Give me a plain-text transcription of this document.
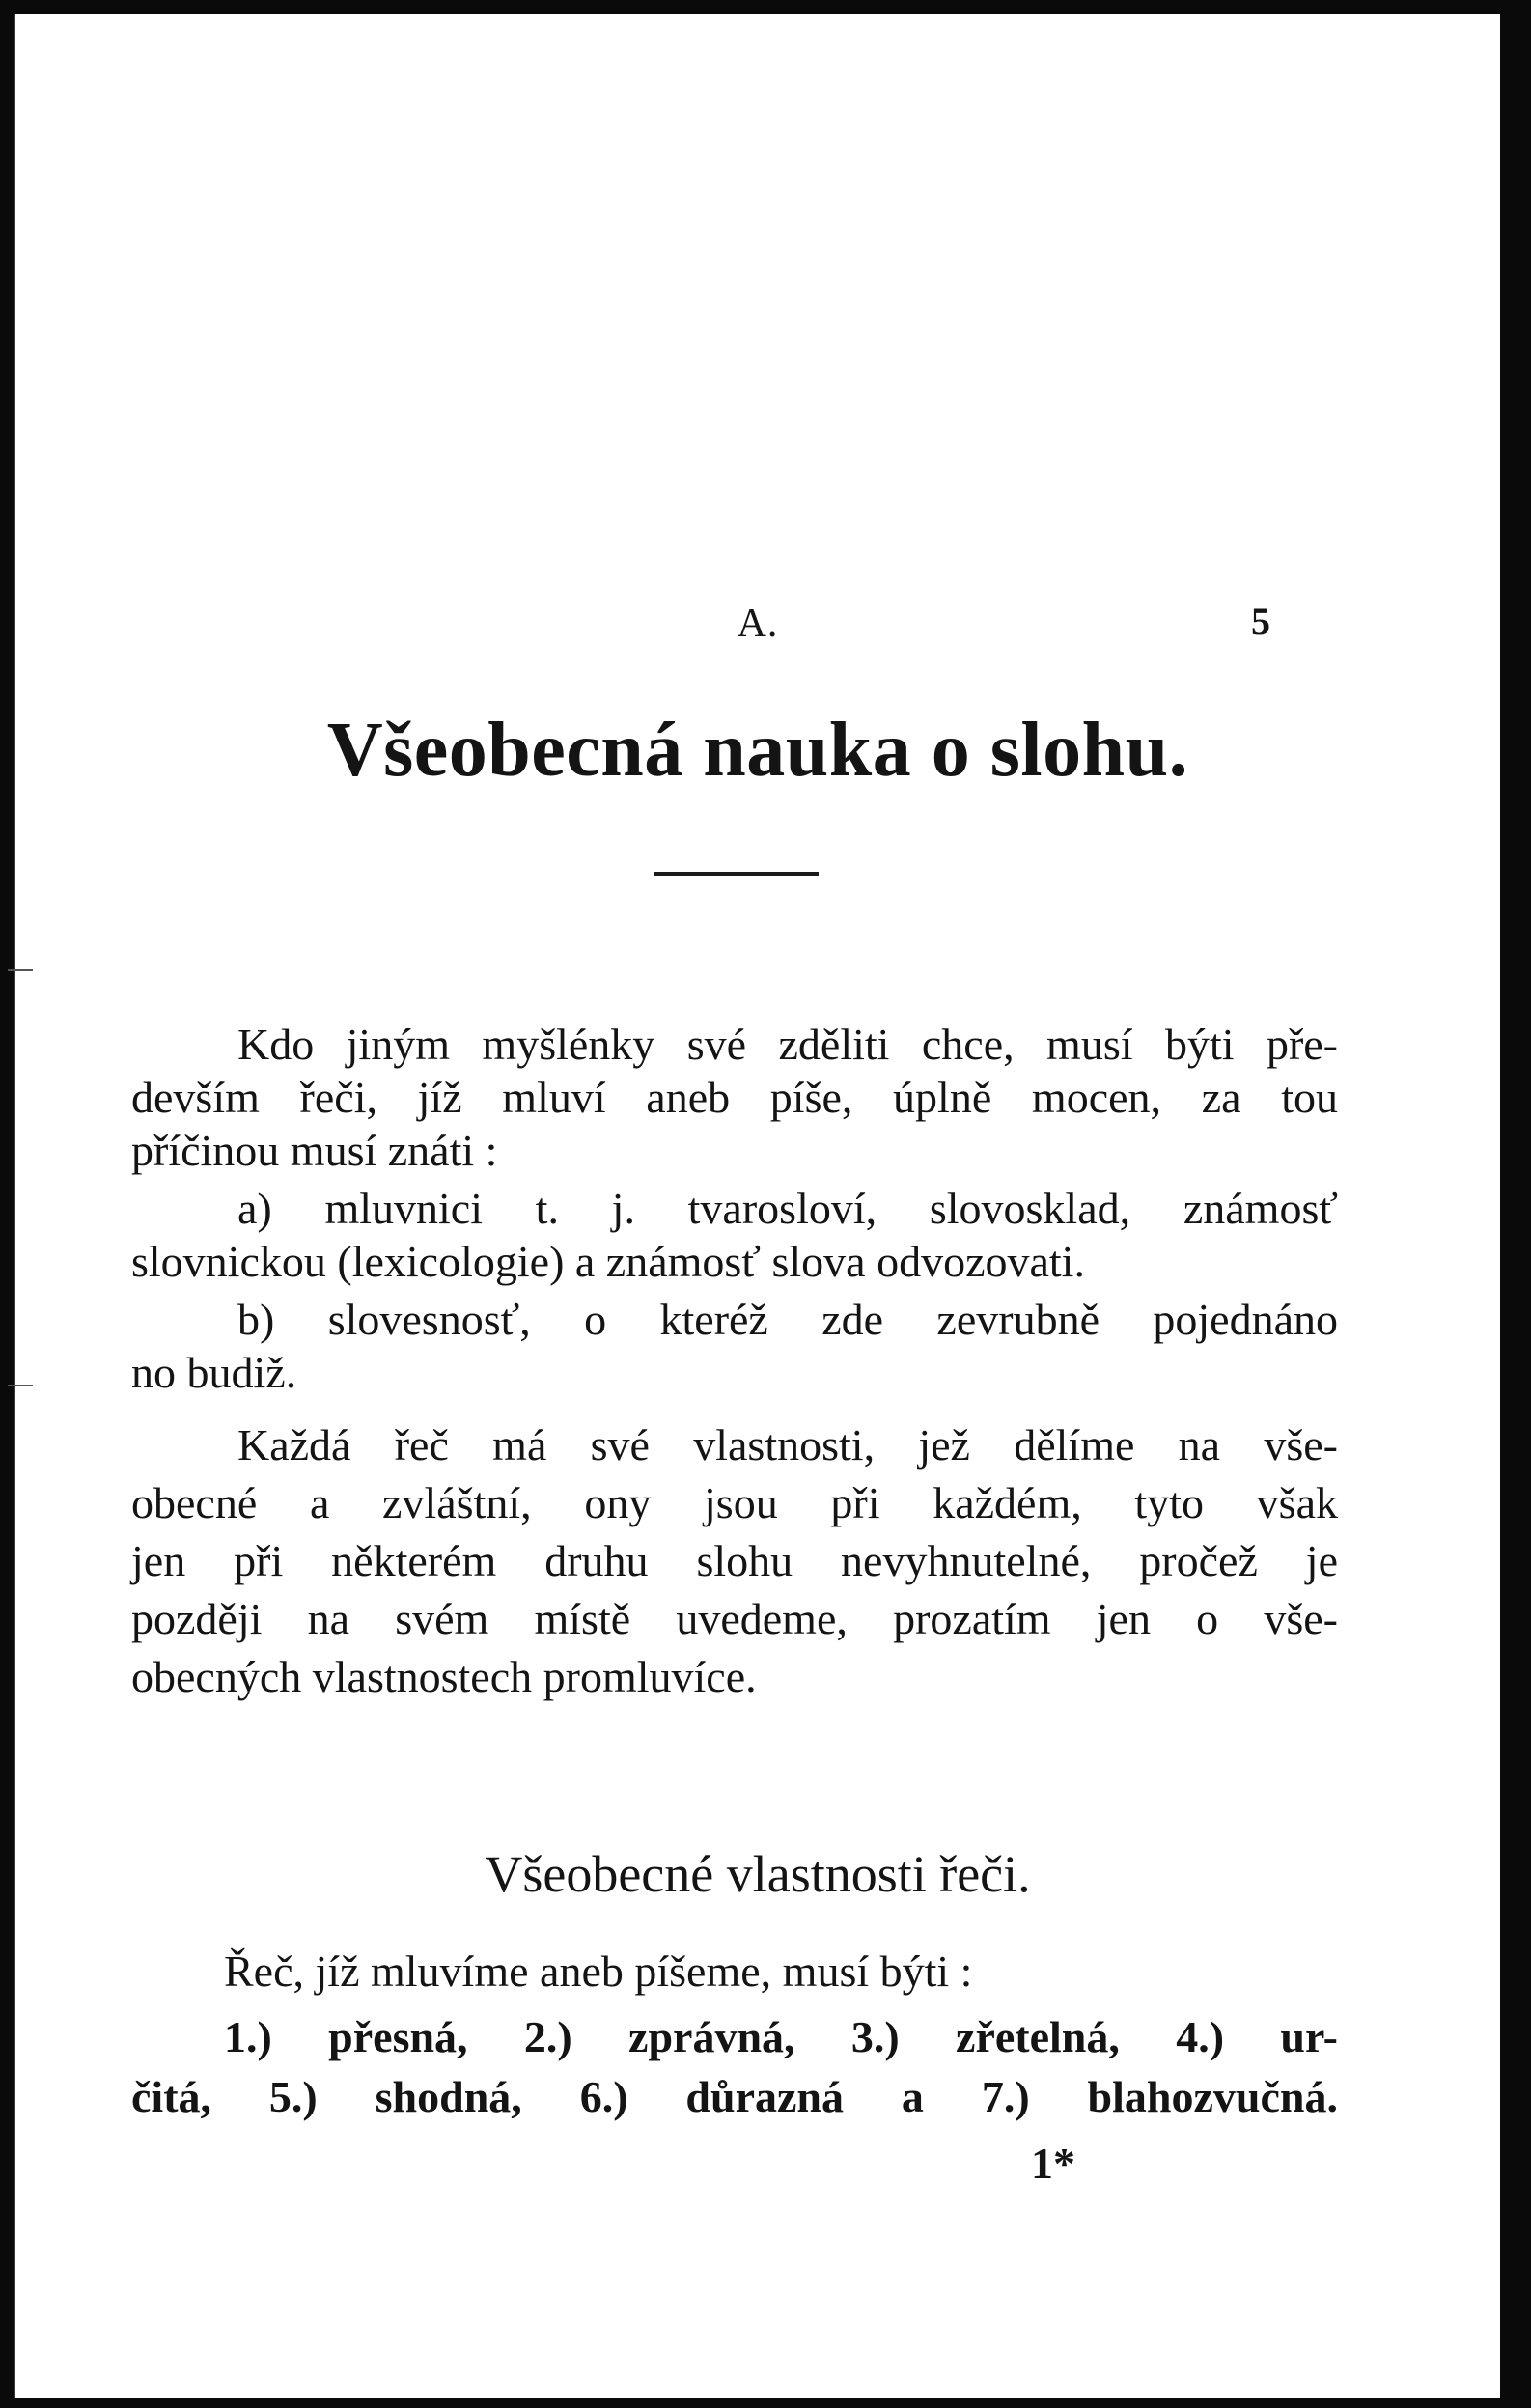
A.	5
Všeobecná nauka o slohu.
Kdo jiným myšlénky své zděliti chce, musí býti pře-
devším řeči, jíž mluví aneb píše, úplně mocen, za tou
příčinou musí znáti :
a) mluvnici t. j. tvarosloví, slovosklad, známosť
slovnickou (lexicologie) a známosť slova odvozovati.
b) slovesnosť, o kteréž zde zevrubně pojednáno
no budiž.
Každá řeč má své vlastnosti, jež dělíme na vše-
obecné a zvláštní, ony jsou při každém, tyto však
jen při některém druhu slohu nevyhnutelné, pročež je
později na svém místě uvedeme, prozatím jen o vše-
obecných vlastnostech promluvíce.
Všeobecné vlastnosti řeči.
Řeč, jíž mluvíme aneb píšeme, musí býti :
1.) přesná, 2.) zprávná, 3.) zřetelná, 4.) ur-
čitá, 5.) shodná, 6.) důrazná a 7.) blahozvučná.
1*
